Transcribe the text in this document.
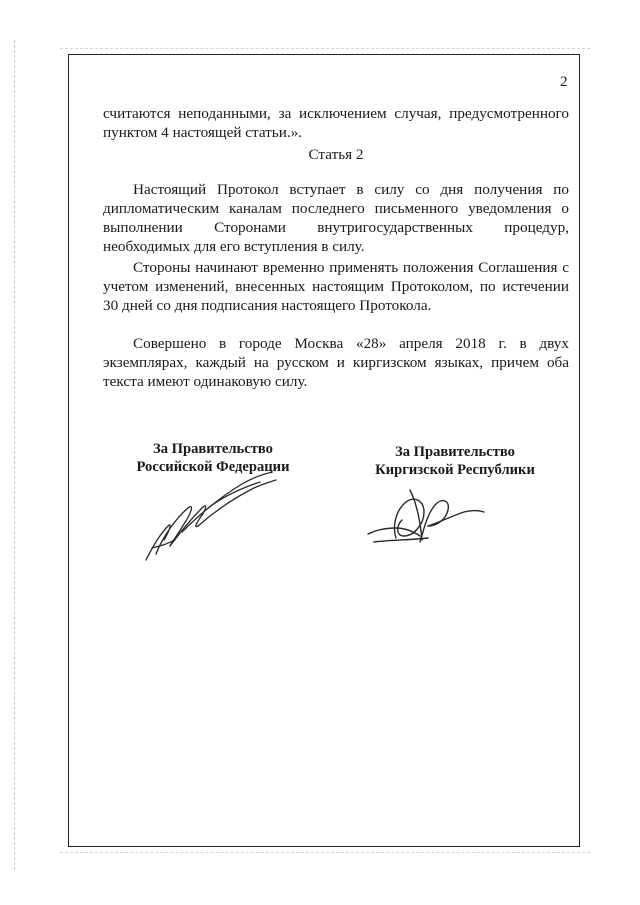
2

считаются неподанными, за исключением случая, предусмотренного пунктом 4 настоящей статьи.».

Статья 2

Настоящий Протокол вступает в силу со дня получения по дипломатическим каналам последнего письменного уведомления о выполнении Сторонами внутригосударственных процедур, необходимых для его вступления в силу.

Стороны начинают временно применять положения Соглашения с учетом изменений, внесенных настоящим Протоколом, по истечении 30 дней со дня подписания настоящего Протокола.

Совершено в городе Москва «28» апреля 2018 г. в двух экземплярах, каждый на русском и киргизском языках, причем оба текста имеют одинаковую силу.

За Правительство
Российской Федерации
За Правительство
Киргизской Республики
